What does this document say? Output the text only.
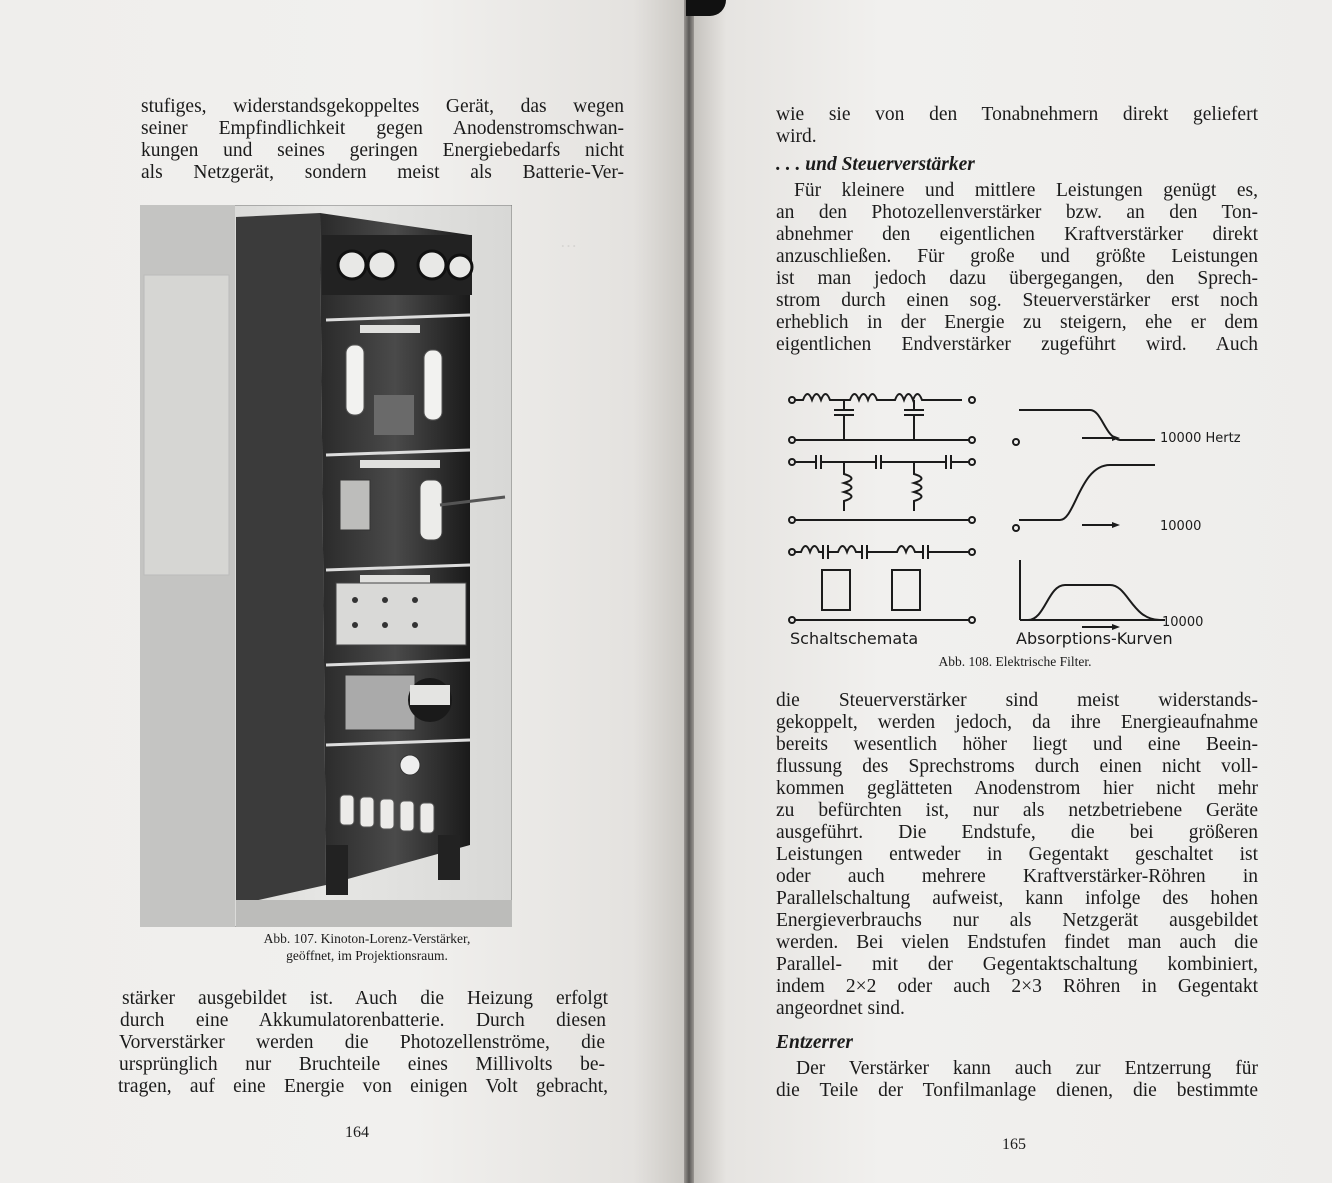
…
stufiges, widerstandsgekoppeltes Gerät, das wegen
seiner Empfindlichkeit gegen Anodenstromschwan-
kungen und seines geringen Energiebedarfs nicht
als Netzgerät, sondern meist als Batterie-Ver-
Abb. 107. Kinoton-Lorenz-Verstärker,
geöffnet, im Projektionsraum.
stärker ausgebildet ist. Auch die Heizung erfolgt
durch eine Akkumulatorenbatterie. Durch diesen
Vorverstärker werden die Photozellenströme, die
ursprünglich nur Bruchteile eines Millivolts be-
tragen, auf eine Energie von einigen Volt gebracht,
164
wie sie von den Tonabnehmern direkt geliefert
wird.
. . . und Steuerverstärker
Für kleinere und mittlere Leistungen genügt es,
an den Photozellenverstärker bzw. an den Ton-
abnehmer den eigentlichen Kraftverstärker direkt
anzuschließen. Für große und größte Leistungen
ist man jedoch dazu übergegangen, den Sprech-
strom durch einen sog. Steuerverstärker erst noch
erheblich in der Energie zu steigern, ehe er dem
eigentlichen Endverstärker zugeführt wird. Auch
10000 Hertz
10000
10000
Schaltschemata	Absorptions-Kurven
Abb. 108. Elektrische Filter.
die Steuerverstärker sind meist widerstands-
gekoppelt, werden jedoch, da ihre Energieaufnahme
bereits wesentlich höher liegt und eine Beein-
flussung des Sprechstroms durch einen nicht voll-
kommen geglätteten Anodenstrom hier nicht mehr
zu befürchten ist, nur als netzbetriebene Geräte
ausgeführt. Die Endstufe, die bei größeren
Leistungen entweder in Gegentakt geschaltet ist
oder auch mehrere Kraftverstärker-Röhren in
Parallelschaltung aufweist, kann infolge des hohen
Energieverbrauchs nur als Netzgerät ausgebildet
werden. Bei vielen Endstufen findet man auch die
Parallel- mit der Gegentaktschaltung kombiniert,
indem 2×2 oder auch 2×3 Röhren in Gegentakt
angeordnet sind.
Entzerrer
Der Verstärker kann auch zur Entzerrung für
die Teile der Tonfilmanlage dienen, die bestimmte
165
